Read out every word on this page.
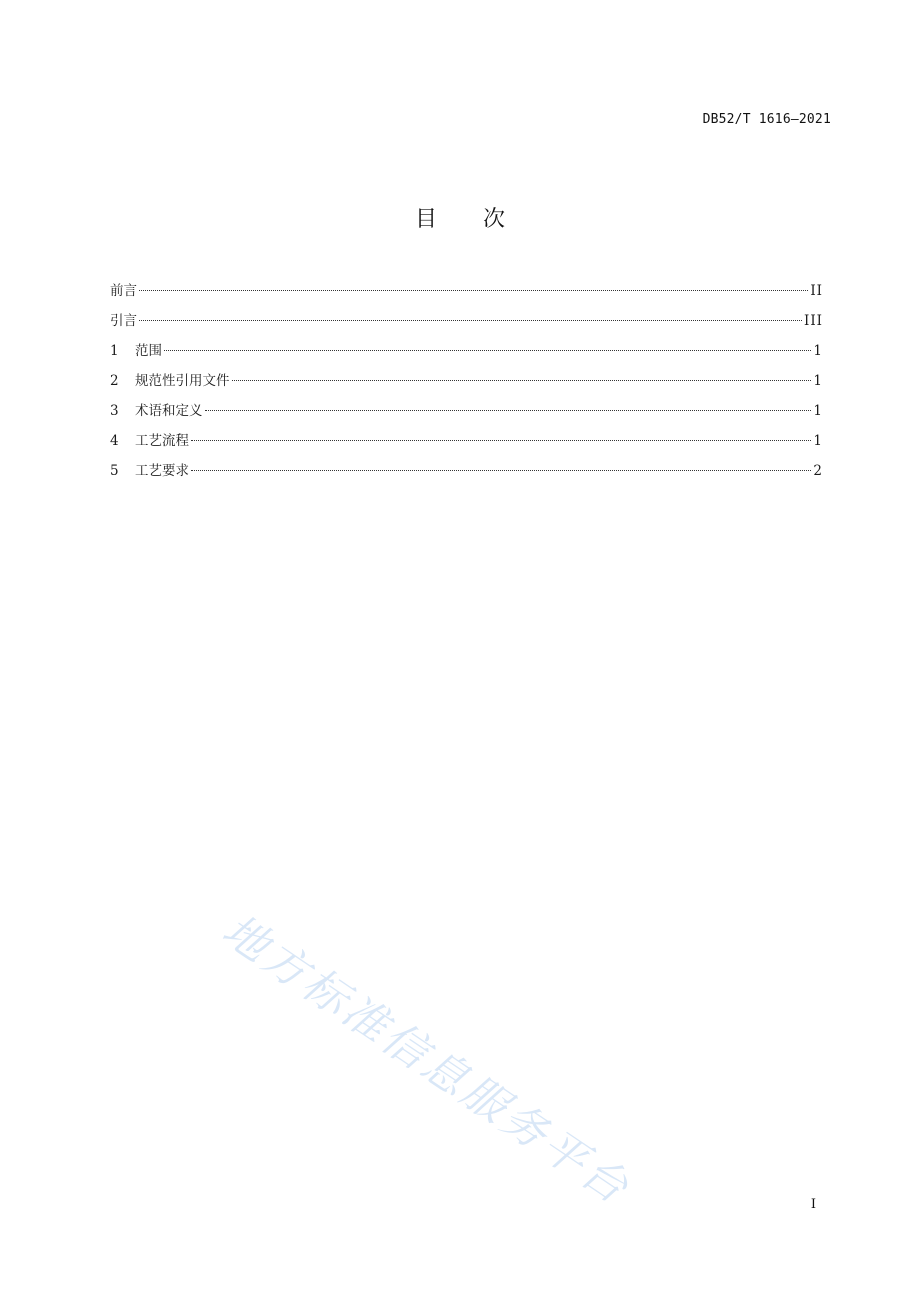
DB52/T 1616—2021
目 次
前言	II
引言	III
1	范围	1
2	规范性引用文件	1
3	术语和定义	1
4	工艺流程	1
5	工艺要求	2
地方标准信息服务平台	I
